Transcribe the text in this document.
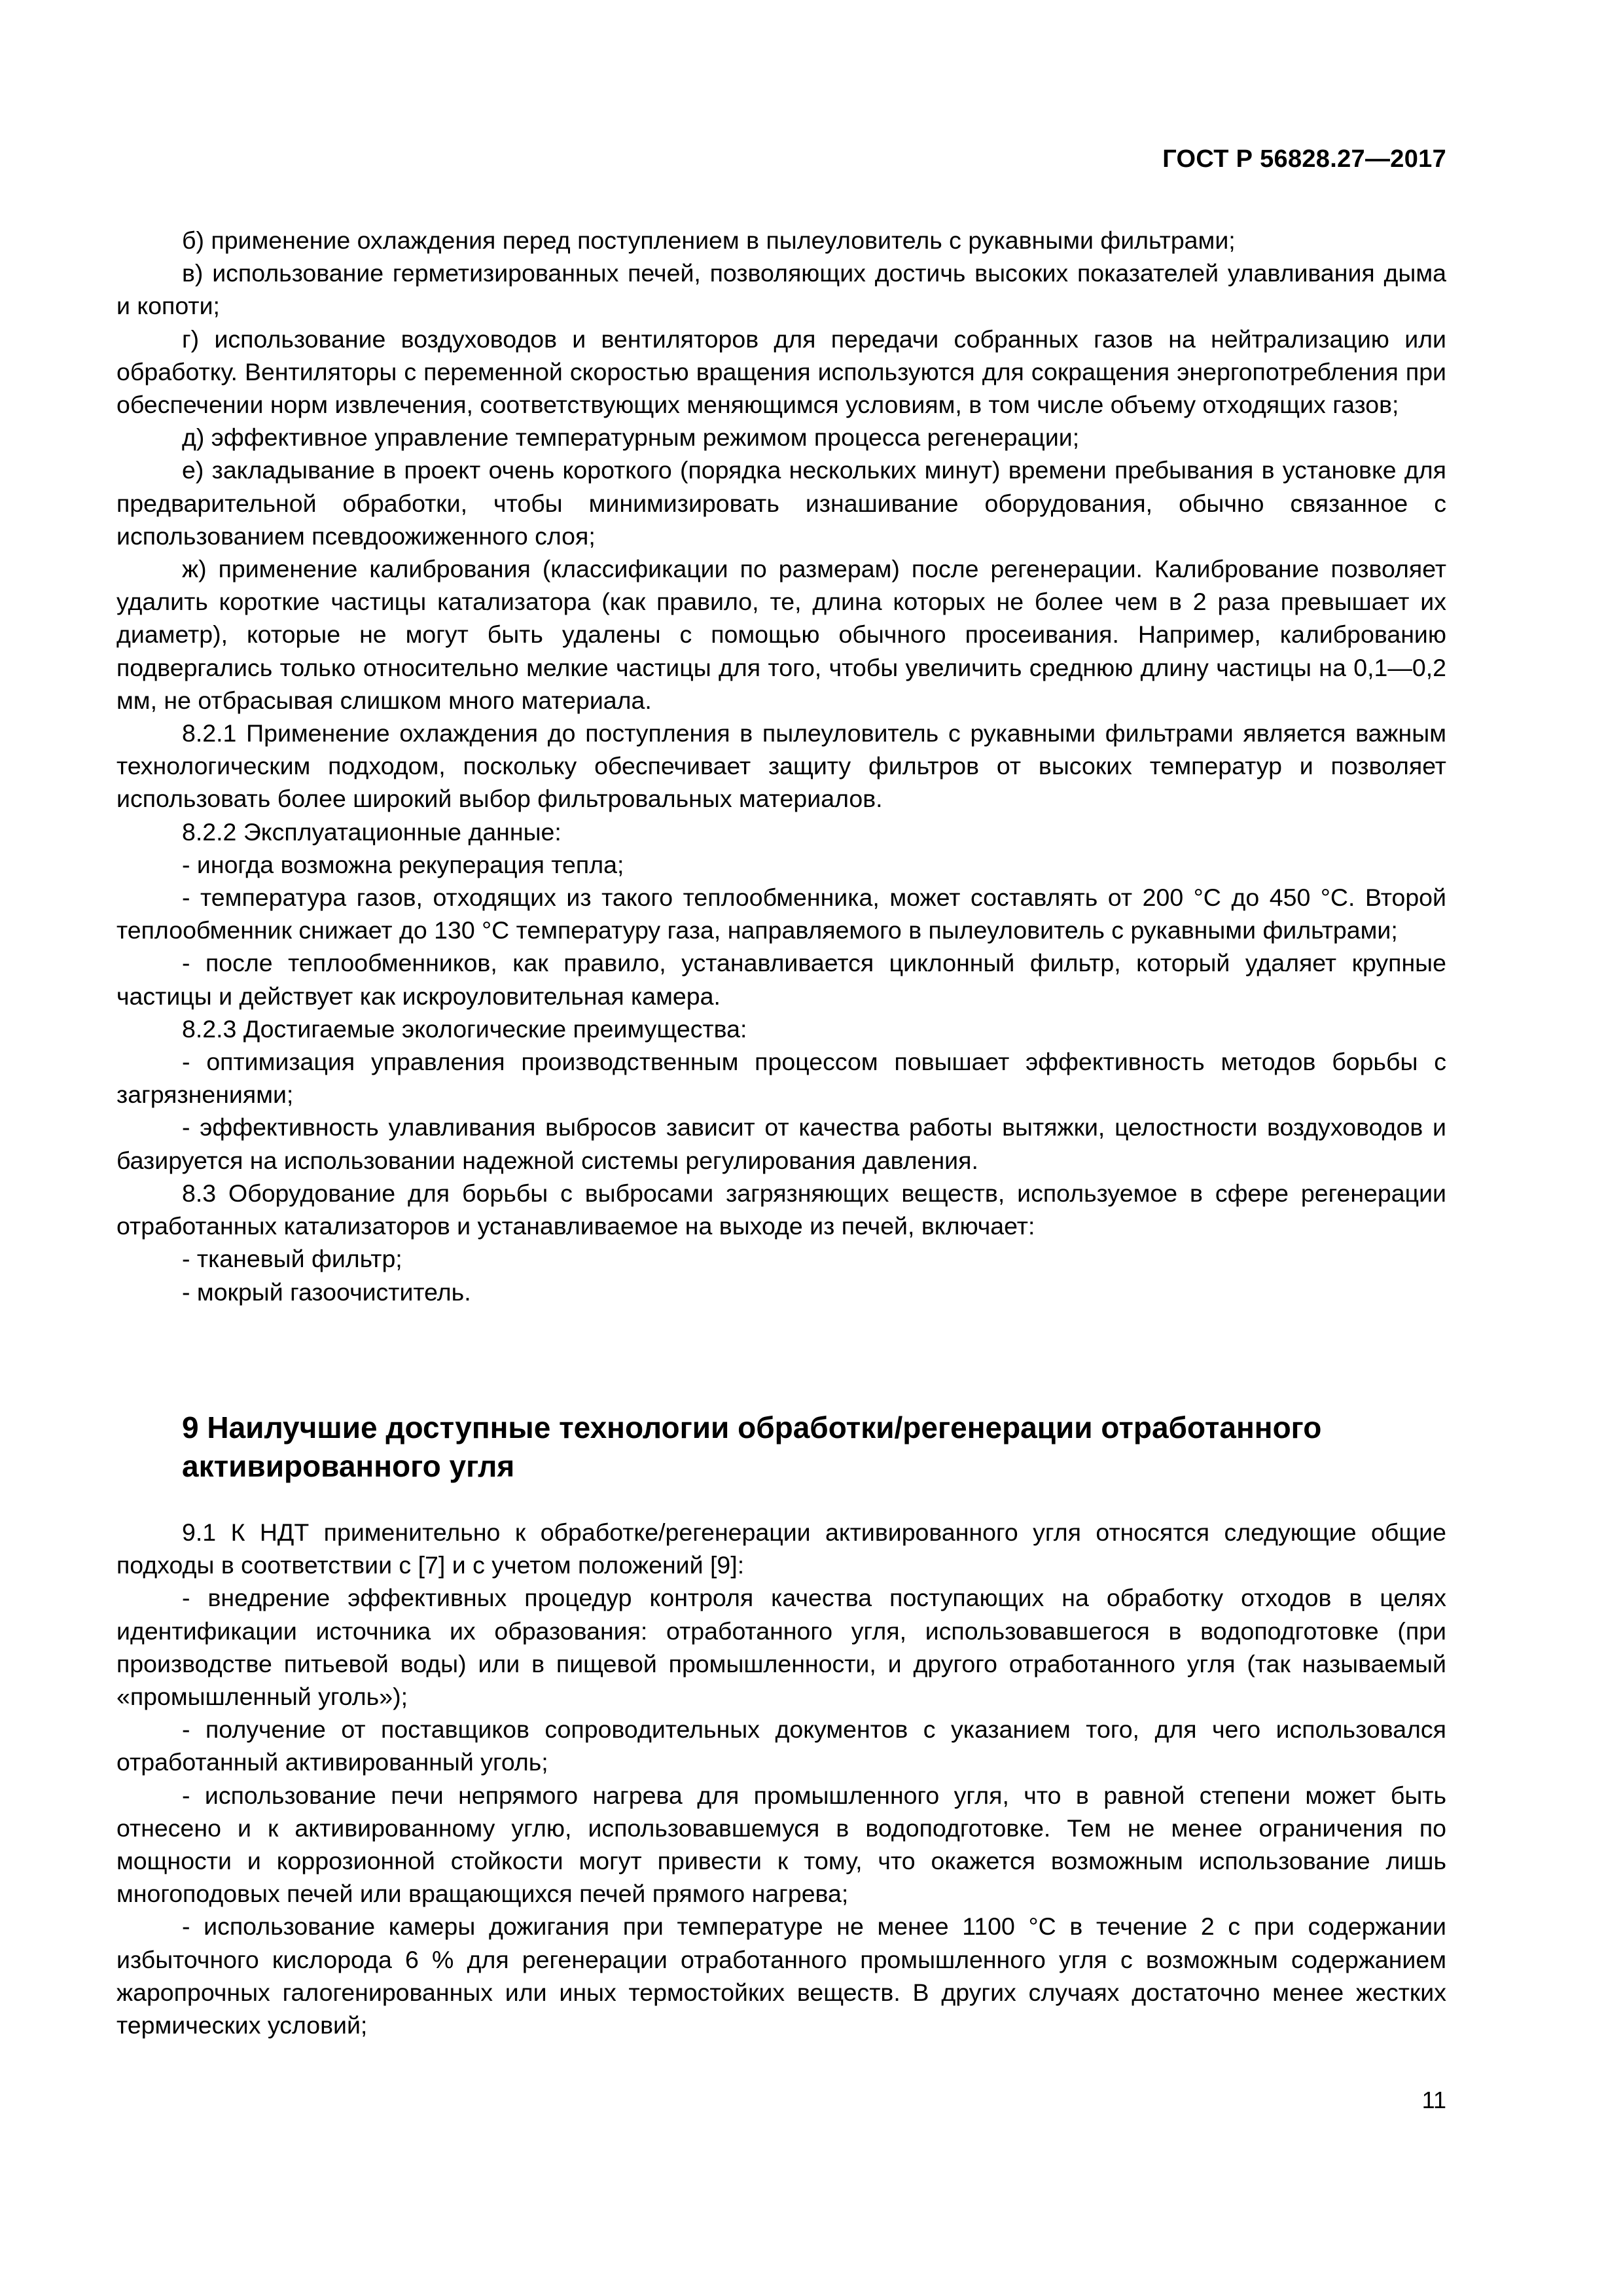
ГОСТ Р 56828.27—2017

б) применение охлаждения перед поступлением в пылеуловитель с рукавными фильтрами;

в) использование герметизированных печей, позволяющих достичь высоких показателей улавливания дыма и копоти;

г) использование воздуховодов и вентиляторов для передачи собранных газов на нейтрализацию или обработку. Вентиляторы с переменной скоростью вращения используются для сокращения энергопотребления при обеспечении норм извлечения, соответствующих меняющимся условиям, в том числе объему отходящих газов;

д) эффективное управление температурным режимом процесса регенерации;

е) закладывание в проект очень короткого (порядка нескольких минут) времени пребывания в установке для предварительной обработки, чтобы минимизировать изнашивание оборудования, обычно связанное с использованием псевдоожиженного слоя;

ж) применение калибрования (классификации по размерам) после регенерации. Калибрование позволяет удалить короткие частицы катализатора (как правило, те, длина которых не более чем в 2 раза превышает их диаметр), которые не могут быть удалены с помощью обычного просеивания. Например, калиброванию подвергались только относительно мелкие частицы для того, чтобы увеличить среднюю длину частицы на 0,1—0,2 мм, не отбрасывая слишком много материала.

8.2.1 Применение охлаждения до поступления в пылеуловитель с рукавными фильтрами является важным технологическим подходом, поскольку обеспечивает защиту фильтров от высоких температур и позволяет использовать более широкий выбор фильтровальных материалов.

8.2.2 Эксплуатационные данные:

- иногда возможна рекуперация тепла;

- температура газов, отходящих из такого теплообменника, может составлять от 200 °С до 450 °С. Второй теплообменник снижает до 130 °С температуру газа, направляемого в пылеуловитель с рукавными фильтрами;

- после теплообменников, как правило, устанавливается циклонный фильтр, который удаляет крупные частицы и действует как искроуловительная камера.

8.2.3 Достигаемые экологические преимущества:

- оптимизация управления производственным процессом повышает эффективность методов борьбы с загрязнениями;

- эффективность улавливания выбросов зависит от качества работы вытяжки, целостности воздуховодов и базируется на использовании надежной системы регулирования давления.

8.3 Оборудование для борьбы с выбросами загрязняющих веществ, используемое в сфере регенерации отработанных катализаторов и устанавливаемое на выходе из печей, включает:

- тканевый фильтр;

- мокрый газоочиститель.

9 Наилучшие доступные технологии обработки/регенерации отработанного активированного угля

9.1 К НДТ применительно к обработке/регенерации активированного угля относятся следующие общие подходы в соответствии с [7] и с учетом положений [9]:

- внедрение эффективных процедур контроля качества поступающих на обработку отходов в целях идентификации источника их образования: отработанного угля, использовавшегося в водоподготовке (при производстве питьевой воды) или в пищевой промышленности, и другого отработанного угля (так называемый «промышленный уголь»);

- получение от поставщиков сопроводительных документов с указанием того, для чего использовался отработанный активированный уголь;

- использование печи непрямого нагрева для промышленного угля, что в равной степени может быть отнесено и к активированному углю, использовавшемуся в водоподготовке. Тем не менее ограничения по мощности и коррозионной стойкости могут привести к тому, что окажется возможным использование лишь многоподовых печей или вращающихся печей прямого нагрева;

- использование камеры дожигания при температуре не менее 1100 °С в течение 2 с при содержании избыточного кислорода 6 % для регенерации отработанного промышленного угля с возможным содержанием жаропрочных галогенированных или иных термостойких веществ. В других случаях достаточно менее жестких термических условий;

11
